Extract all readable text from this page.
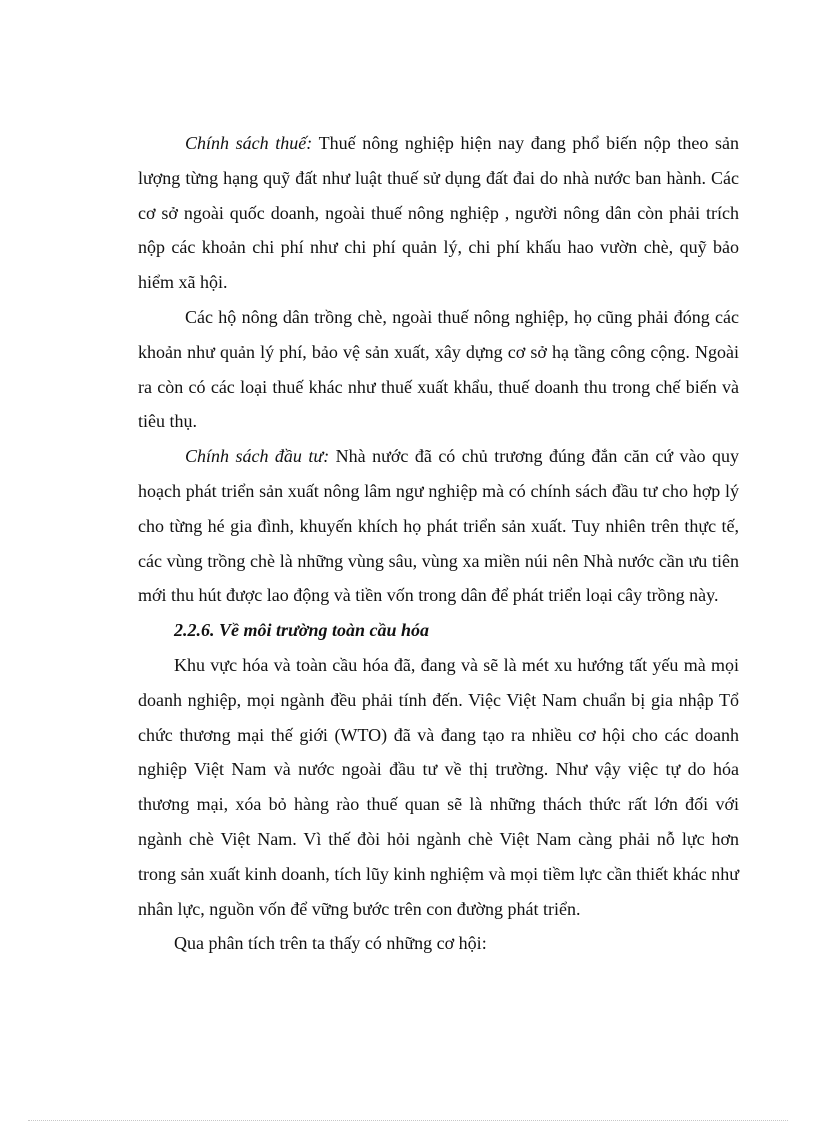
Chính sách thuế: Thuế nông nghiệp hiện nay đang phổ biến nộp theo sản lượng từng hạng quỹ đất như luật thuế sử dụng đất đai do nhà nước ban hành. Các cơ sở ngoài quốc doanh, ngoài thuế nông nghiệp , người nông dân còn phải trích nộp các khoản chi phí như chi phí quản lý, chi phí khấu hao vườn chè, quỹ bảo hiểm xã hội.

Các hộ nông dân trồng chè, ngoài thuế nông nghiệp, họ cũng phải đóng các khoản như quản lý phí, bảo vệ sản xuất, xây dựng cơ sở hạ tầng công cộng. Ngoài ra còn có các loại thuế khác như thuế xuất khẩu, thuế doanh thu trong chế biến và tiêu thụ.

Chính sách đầu tư: Nhà nước đã có chủ trương đúng đắn căn cứ vào quy hoạch phát triển sản xuất nông lâm ngư nghiệp mà có chính sách đầu tư cho hợp lý cho từng hé gia đình, khuyến khích họ phát triển sản xuất. Tuy nhiên trên thực tế, các vùng trồng chè là những vùng sâu, vùng xa miền núi nên Nhà nước cần ưu tiên mới thu hút được lao động và tiền vốn trong dân để phát triển loại cây trồng này.

2.2.6. Về môi trường toàn cầu hóa

Khu vực hóa và toàn cầu hóa đã, đang và sẽ là mét xu hướng tất yếu mà mọi doanh nghiệp, mọi ngành đều phải tính đến. Việc Việt Nam chuẩn bị gia nhập Tổ chức thương mại thế giới (WTO) đã và đang tạo ra nhiều cơ hội cho các doanh nghiệp Việt Nam và nước ngoài đầu tư về thị trường. Như vậy việc tự do hóa thương mại, xóa bỏ hàng rào thuế quan sẽ là những thách thức rất lớn đối với ngành chè Việt Nam. Vì thế đòi hỏi ngành chè Việt Nam càng phải nỗ lực hơn trong sản xuất kinh doanh, tích lũy kinh nghiệm và mọi tiềm lực cần thiết khác như nhân lực, nguồn vốn để vững bước trên con đường phát triển.

Qua phân tích trên ta thấy có những cơ hội:
